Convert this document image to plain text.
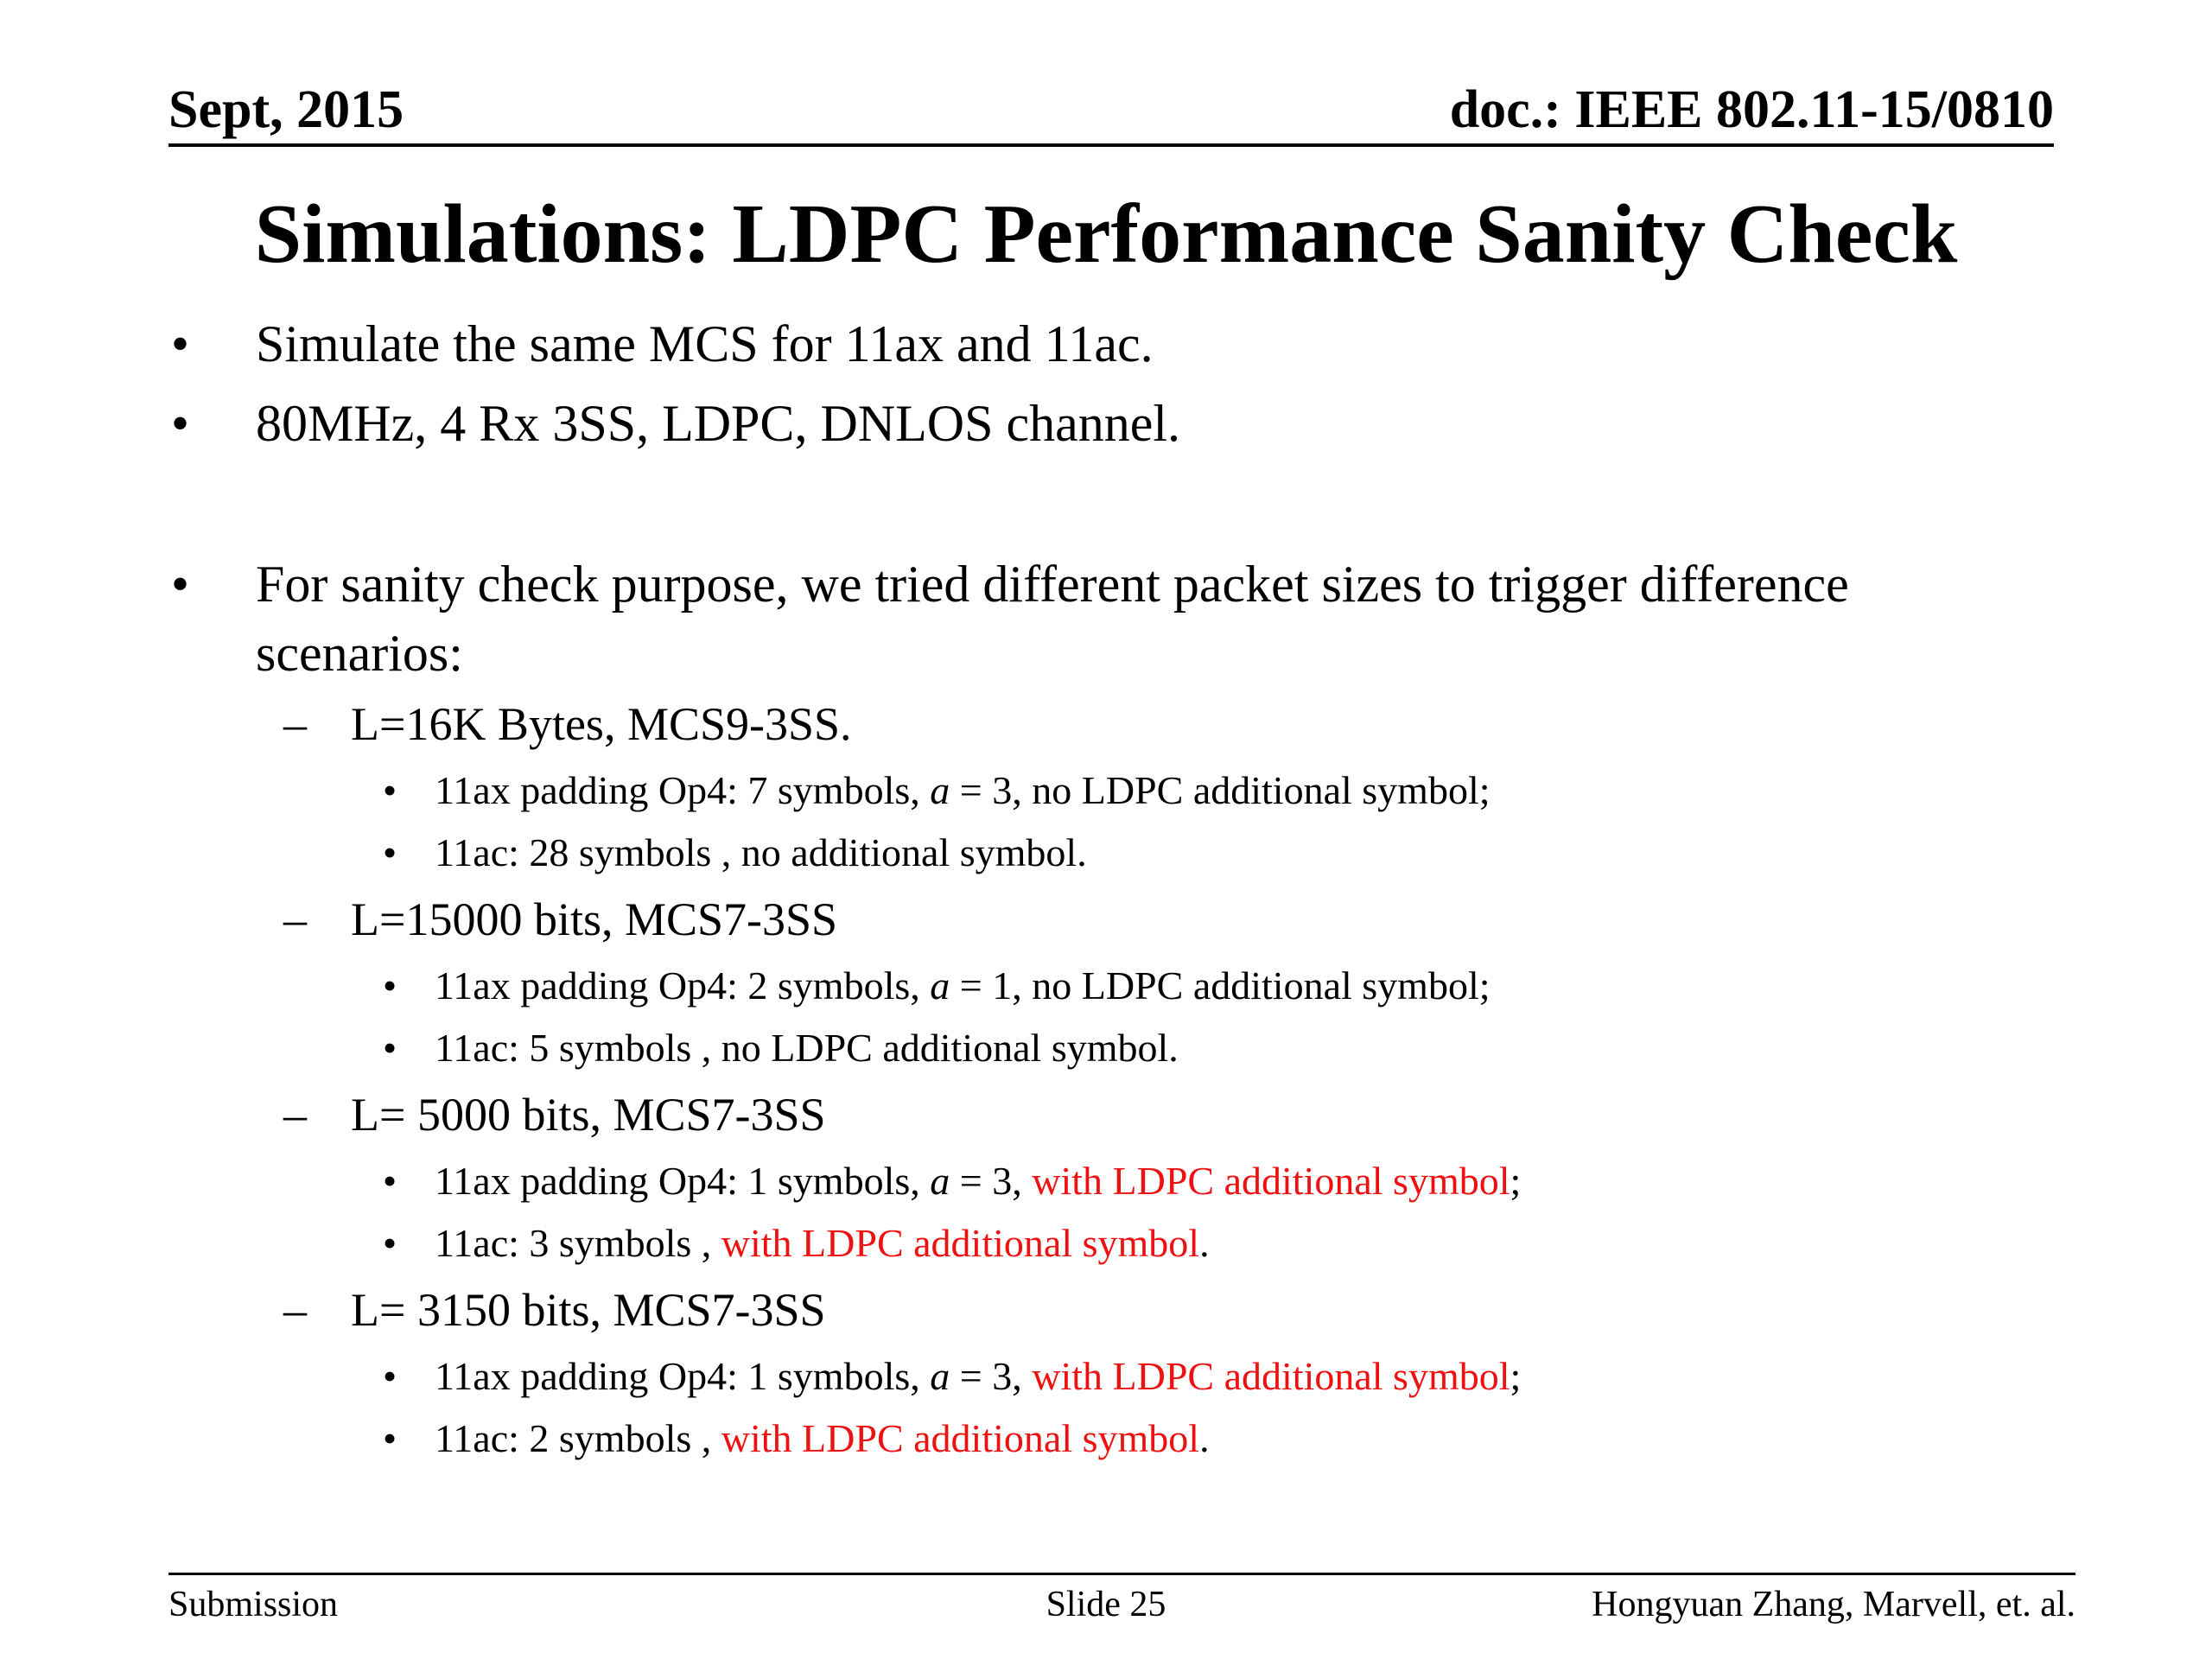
Sept, 2015	doc.: IEEE 802.11-15/0810
Simulations: LDPC Performance Sanity Check
•	Simulate the same MCS for 11ax and 11ac.
•	80MHz, 4 Rx 3SS, LDPC, DNLOS channel.
•	For sanity check purpose, we tried different packet sizes to trigger difference
scenarios:
– L=16K Bytes, MCS9-3SS.
• 11ax padding Op4: 7 symbols, a = 3, no LDPC additional symbol;
• 11ac: 28 symbols , no additional symbol.
– L=15000 bits, MCS7-3SS
• 11ax padding Op4: 2 symbols, a = 1, no LDPC additional symbol;
• 11ac: 5 symbols , no LDPC additional symbol.
– L= 5000 bits, MCS7-3SS
• 11ax padding Op4: 1 symbols, a = 3, with LDPC additional symbol;
• 11ac: 3 symbols , with LDPC additional symbol.
– L= 3150 bits, MCS7-3SS
• 11ax padding Op4: 1 symbols, a = 3, with LDPC additional symbol;
• 11ac: 2 symbols , with LDPC additional symbol.
Submission	Slide 25	Hongyuan Zhang, Marvell, et. al.
